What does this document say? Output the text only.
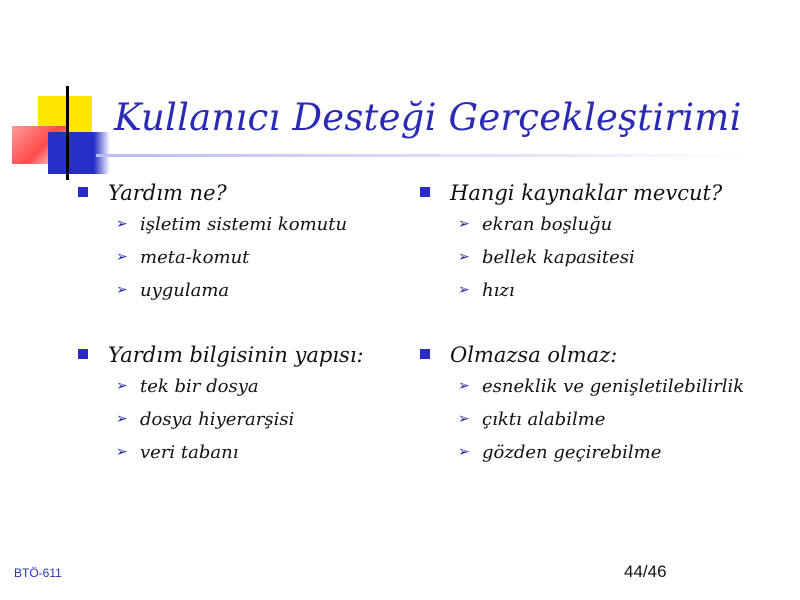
Kullanıcı Desteği Gerçekleştirimi
Yardım ne?
➢ işletim sistemi komutu
➢ meta-komut
➢ uygulama
Yardım bilgisinin yapısı:
➢ tek bir dosya
➢ dosya hiyerarşisi
➢ veri tabanı
Hangi kaynaklar mevcut?
➢ ekran boşluğu
➢ bellek kapasitesi
➢ hızı
Olmazsa olmaz:
➢ esneklik ve genişletilebilirlik
➢ çıktı alabilme
➢ gözden geçirebilme
BTÖ-611	44/46
